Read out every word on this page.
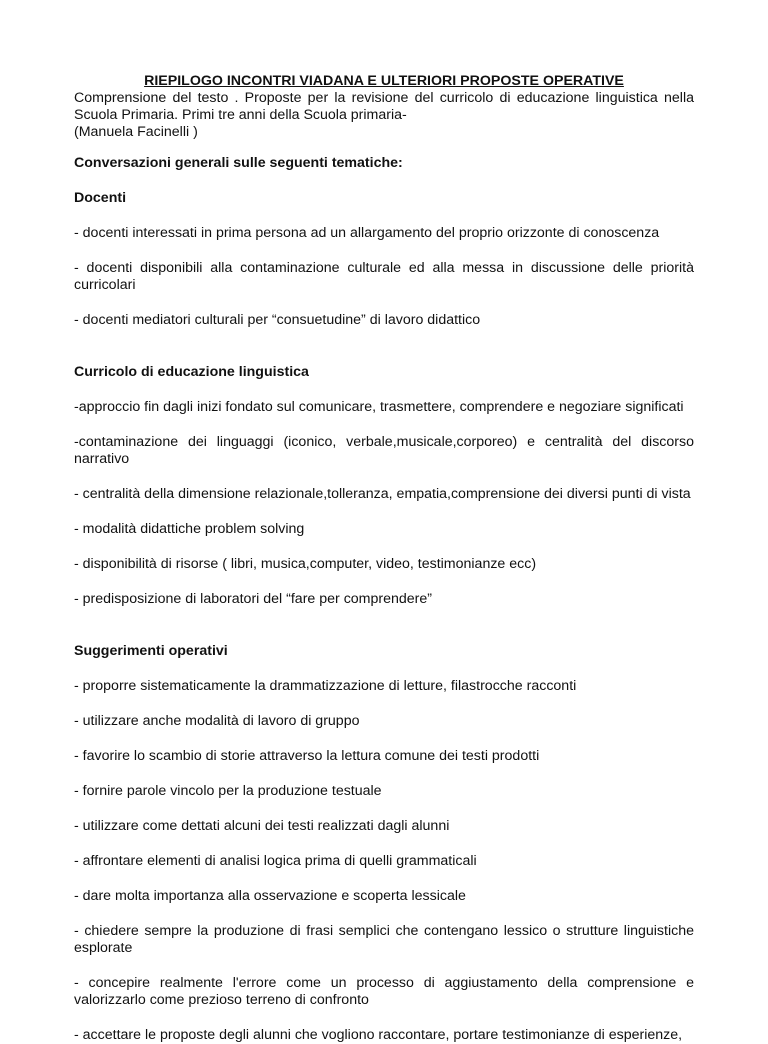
RIEPILOGO INCONTRI VIADANA E ULTERIORI PROPOSTE OPERATIVE

Comprensione del testo . Proposte per la revisione del curricolo di educazione linguistica nella
Scuola Primaria. Primi tre anni della Scuola primaria-
(Manuela Facinelli )

Conversazioni generali sulle seguenti tematiche:

Docenti

- docenti interessati in prima persona ad un allargamento del proprio orizzonte di conoscenza

- docenti disponibili alla contaminazione culturale ed alla messa in discussione delle priorità curricolari

- docenti mediatori culturali per “consuetudine” di lavoro didattico

Curricolo di educazione linguistica

-approccio fin dagli inizi fondato sul comunicare, trasmettere, comprendere e negoziare significati

-contaminazione dei linguaggi (iconico, verbale,musicale,corporeo) e centralità del discorso narrativo

- centralità della dimensione relazionale,tolleranza, empatia,comprensione dei diversi punti di vista

- modalità didattiche problem solving

- disponibilità di risorse ( libri, musica,computer, video, testimonianze ecc)

- predisposizione di laboratori del “fare per comprendere”

Suggerimenti operativi

- proporre sistematicamente la drammatizzazione di letture, filastrocche racconti

- utilizzare anche modalità di lavoro di gruppo

- favorire lo scambio di storie attraverso la lettura comune dei testi prodotti

- fornire parole vincolo per la produzione testuale

- utilizzare come dettati alcuni dei testi realizzati dagli alunni

- affrontare elementi di analisi logica prima di quelli grammaticali

- dare molta importanza alla osservazione e scoperta lessicale

- chiedere sempre la produzione di frasi semplici che contengano lessico o strutture linguistiche esplorate

- concepire realmente l'errore come un processo di aggiustamento della comprensione e valorizzarlo come prezioso terreno di confronto

- accettare le proposte degli alunni che vogliono raccontare, portare testimonianze di esperienze,
